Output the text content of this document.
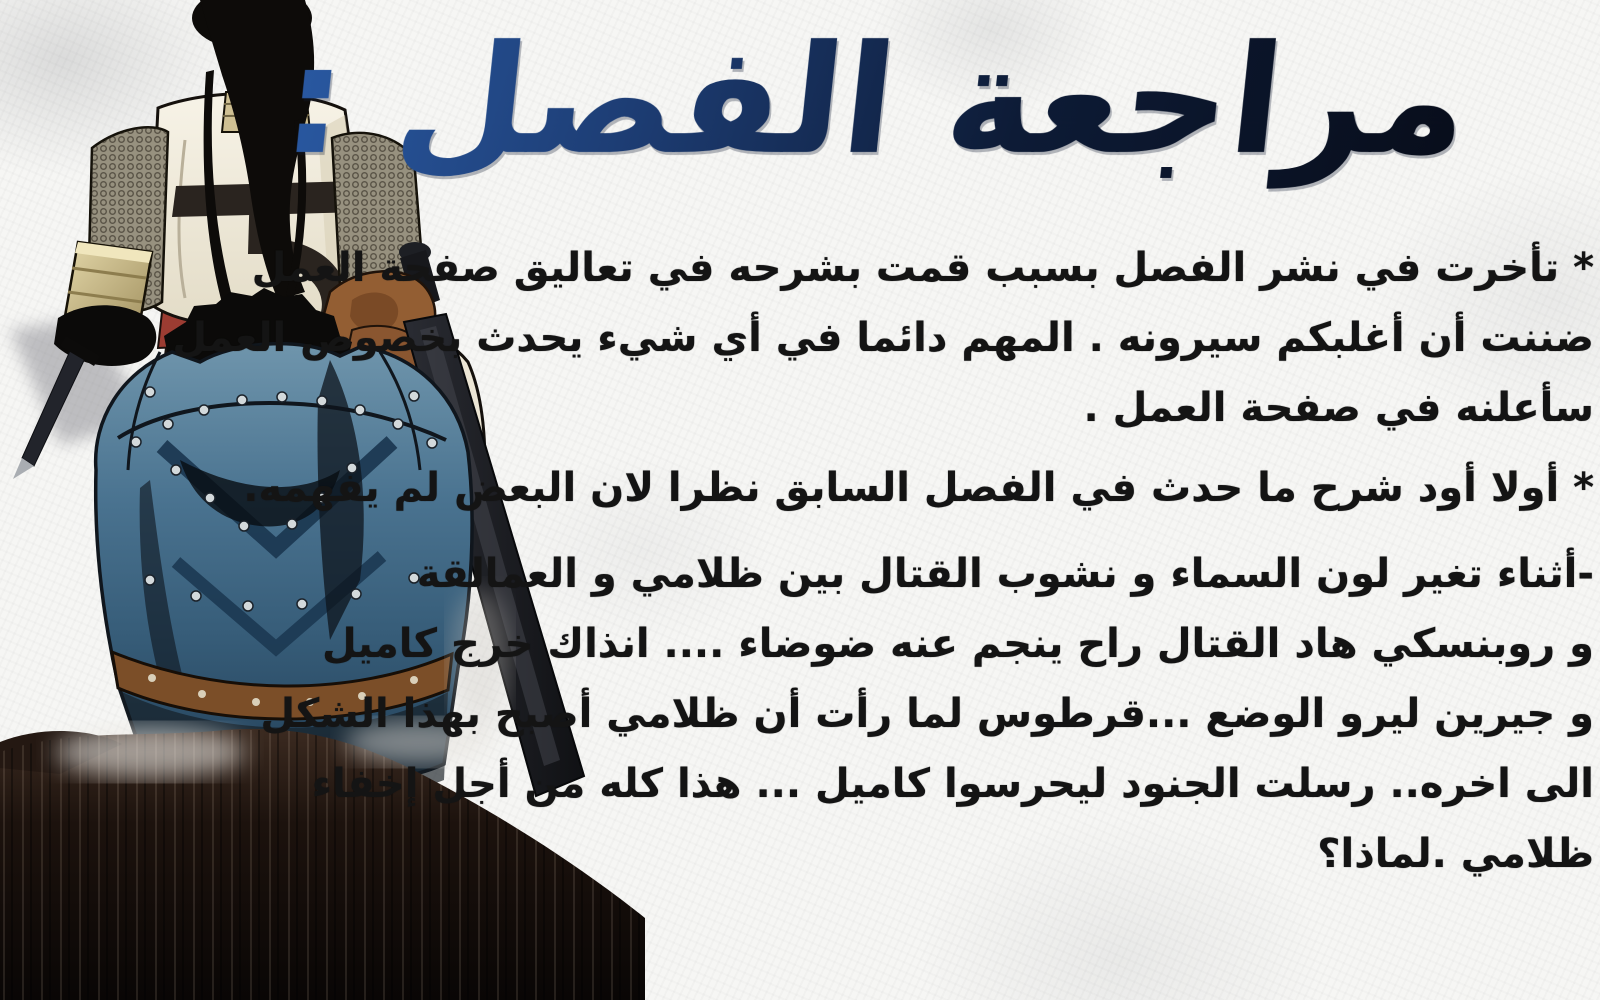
مراجعة الفصل :
* تأخرت في نشر الفصل بسبب قمت بشرحه في تعاليق صفحة العمل
ضننت أن أغلبكم سيرونه . المهم دائما في أي شيء يحدث بخصوص العمل
سأعلنه في صفحة العمل .
* أولا أود شرح ما حدث في الفصل السابق نظرا لان البعض لم يفهمه.
-أثناء تغير لون السماء و نشوب القتال بين ظلامي و العمالقة
و روبنسكي هاد القتال راح ينجم عنه ضوضاء .... انذاك خرج كاميل
و جيرين ليرو الوضع ...قرطوس لما رأت أن ظلامي أصبح بهذا الشكل
الى اخره.. رسلت الجنود ليحرسوا كاميل ... هذا كله من أجل إخفاء
ظلامي .لماذا؟
